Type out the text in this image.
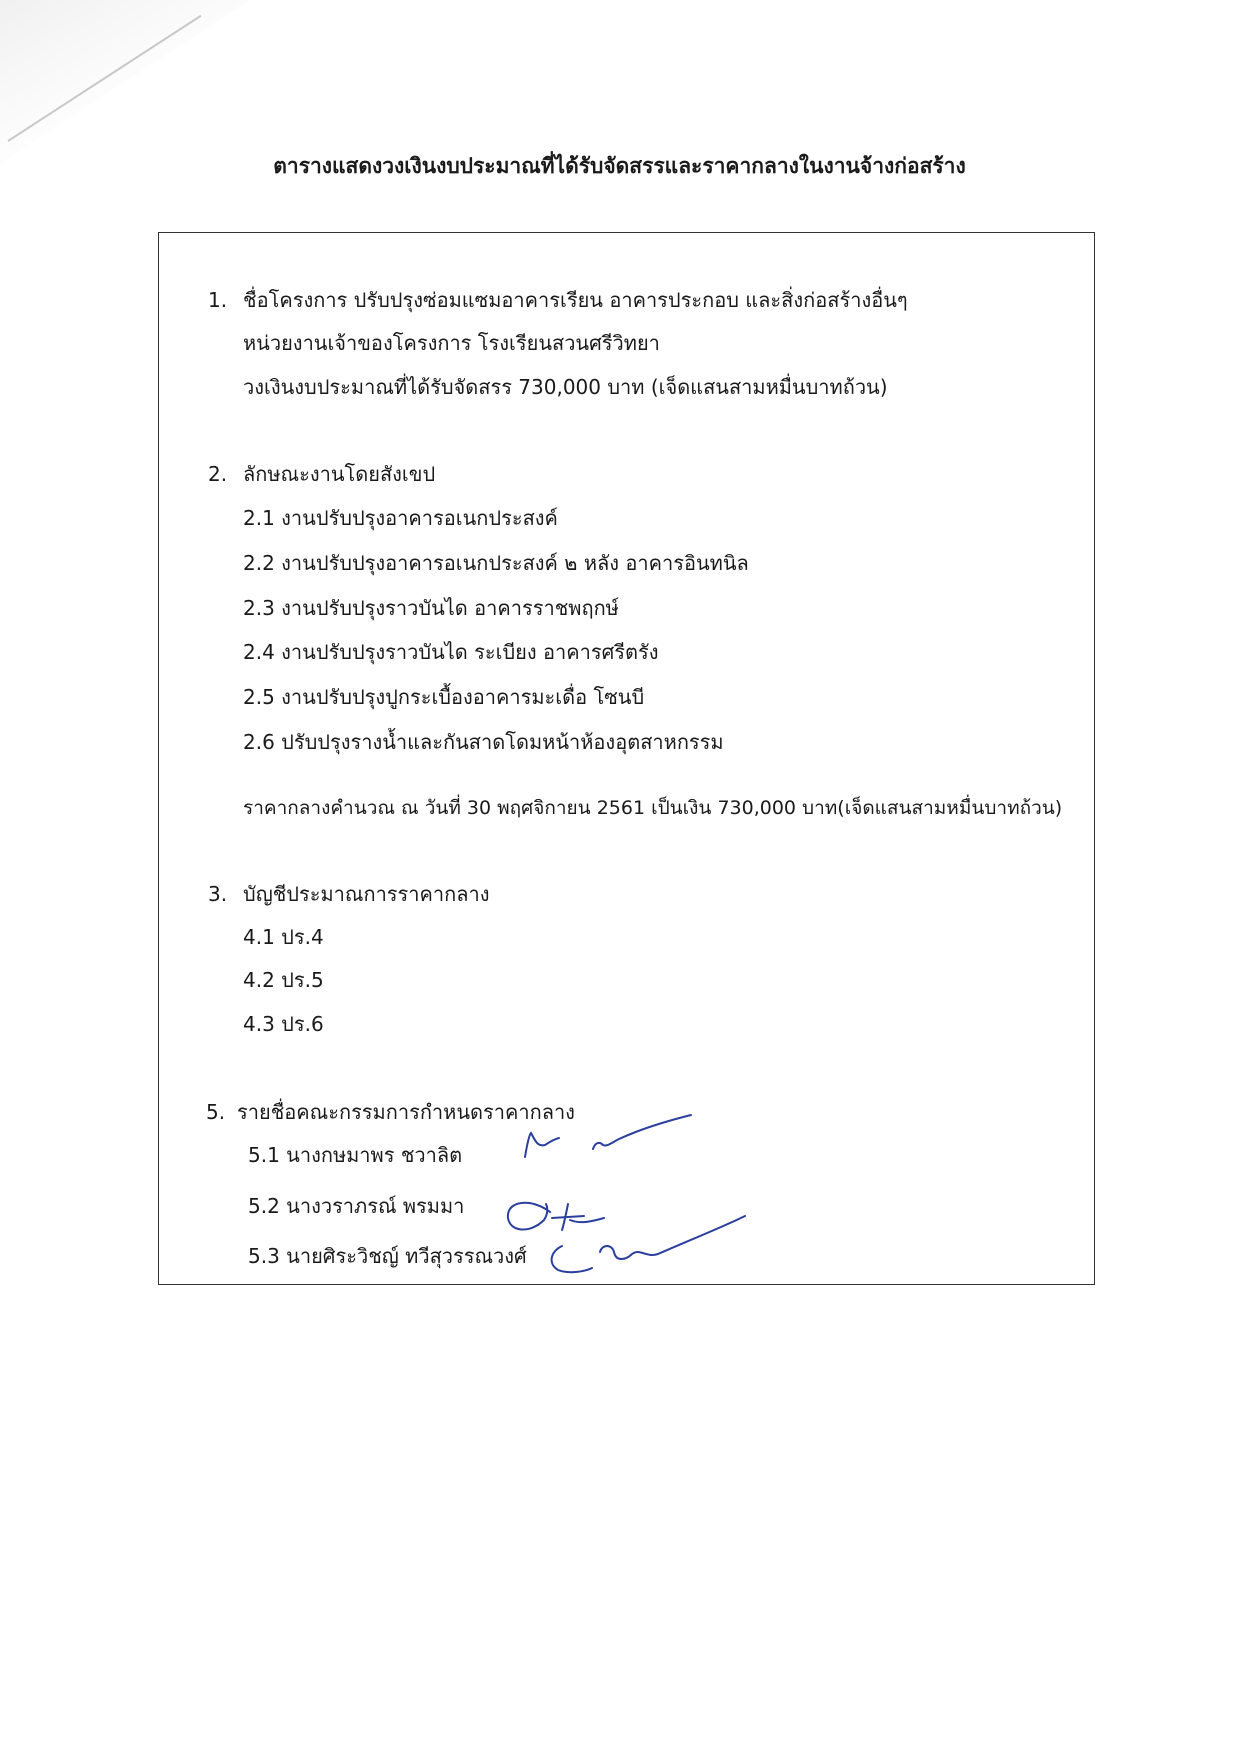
ตารางแสดงวงเงินงบประมาณที่ได้รับจัดสรรและราคากลางในงานจ้างก่อสร้าง
1. ชื่อโครงการ ปรับปรุงซ่อมแซมอาคารเรียน อาคารประกอบ และสิ่งก่อสร้างอื่นๆ
หน่วยงานเจ้าของโครงการ โรงเรียนสวนศรีวิทยา
วงเงินงบประมาณที่ได้รับจัดสรร 730,000 บาท (เจ็ดแสนสามหมื่นบาทถ้วน)
2. ลักษณะงานโดยสังเขป
2.1 งานปรับปรุงอาคารอเนกประสงค์
2.2 งานปรับปรุงอาคารอเนกประสงค์ ๒ หลัง อาคารอินทนิล
2.3 งานปรับปรุงราวบันได อาคารราชพฤกษ์
2.4 งานปรับปรุงราวบันได ระเบียง อาคารศรีตรัง
2.5 งานปรับปรุงปูกระเบื้องอาคารมะเดื่อ โซนบี
2.6 ปรับปรุงรางน้ำและกันสาดโดมหน้าห้องอุตสาหกรรม
ราคากลางคำนวณ ณ วันที่ 30 พฤศจิกายน 2561 เป็นเงิน 730,000 บาท(เจ็ดแสนสามหมื่นบาทถ้วน)
3. บัญชีประมาณการราคากลาง
4.1 ปร.4
4.2 ปร.5
4.3 ปร.6
5. รายชื่อคณะกรรมการกำหนดราคากลาง
5.1 นางกษมาพร ชวาลิต
5.2 นางวราภรณ์ พรมมา
5.3 นายศิระวิชญ์ ทวีสุวรรณวงศ์
